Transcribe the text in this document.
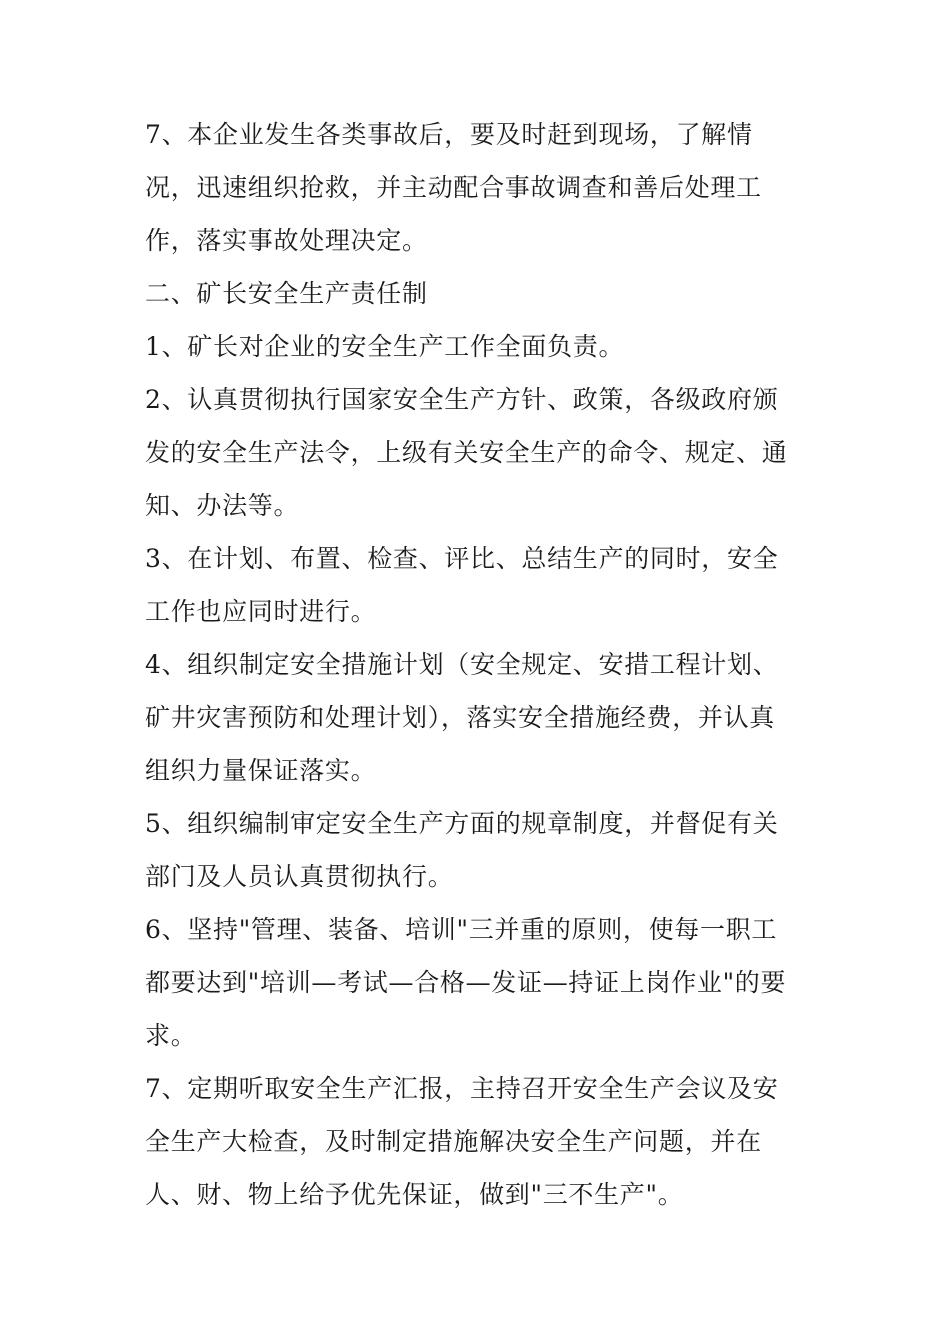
7、本企业发生各类事故后，要及时赶到现场，了解情况，迅速组织抢救，并主动配合事故调查和善后处理工作，落实事故处理决定。

二、矿长安全生产责任制

1、矿长对企业的安全生产工作全面负责。

2、认真贯彻执行国家安全生产方针、政策，各级政府颁发的安全生产法令，上级有关安全生产的命令、规定、通知、办法等。

3、在计划、布置、检查、评比、总结生产的同时，安全工作也应同时进行。

4、组织制定安全措施计划（安全规定、安措工程计划、矿井灾害预防和处理计划），落实安全措施经费，并认真组织力量保证落实。

5、组织编制审定安全生产方面的规章制度，并督促有关部门及人员认真贯彻执行。

6、坚持"管理、装备、培训"三并重的原则，使每一职工都要达到"培训—考试—合格—发证—持证上岗作业"的要求。

7、定期听取安全生产汇报，主持召开安全生产会议及安全生产大检查，及时制定措施解决安全生产问题，并在人、财、物上给予优先保证，做到"三不生产"。
